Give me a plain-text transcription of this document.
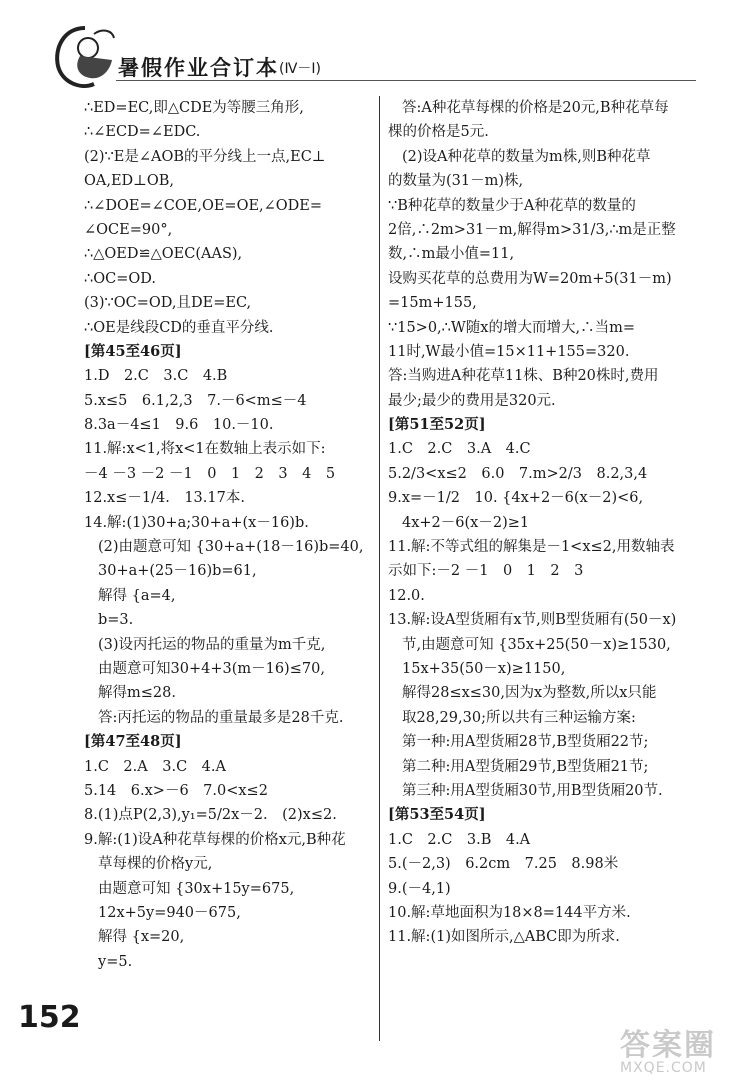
暑假作业合订本 (Ⅳ－Ⅰ)
∴ED=EC,即△CDE为等腰三角形,
∴∠ECD=∠EDC.
(2)∵E是∠AOB的平分线上一点,EC⊥
OA,ED⊥OB,
∴∠DOE=∠COE,OE=OE,∠ODE=
∠OCE=90°,
∴△OED≌△OEC(AAS),
∴OC=OD.
(3)∵OC=OD,且DE=EC,
∴OE是线段CD的垂直平分线.
[ 第45至46页 ]
1.D　2.C　3.C　4.B
5.x≤5　6.1,2,3　7.－6<m≤－4
8.3a－4≤1　9.6　10.－10.
11.解:x<1,将x<1在数轴上表示如下:
－4 －3 －2 －1　0　1　2　3　4　5
12.x≤－1/4.　13.17本.
14.解:(1)30+a;30+a+(x－16)b.
(2)由题意可知 {30+a+(18－16)b=40,
30+a+(25－16)b=61,
解得 {a=4,
b=3.
(3)设丙托运的物品的重量为m千克,
由题意可知30+4+3(m－16)≤70,
解得m≤28.
答:丙托运的物品的重量最多是28千克.
[ 第47至48页 ]
1.C　2.A　3.C　4.A
5.14　6.x>－6　7.0<x≤2
8.(1)点P(2,3),y₁=5/2x－2.　(2)x≤2.
9.解:(1)设A种花草每棵的价格x元,B种花
草每棵的价格y元,
由题意可知 {30x+15y=675,
12x+5y=940－675,
解得 {x=20,
y=5.
答:A种花草每棵的价格是20元,B种花草每
棵的价格是5元.
(2)设A种花草的数量为m株,则B种花草
的数量为(31－m)株,
∵B种花草的数量少于A种花草的数量的
2倍,∴2m>31－m,解得m>31/3,∴m是正整
数,∴m最小值=11,
设购买花草的总费用为W=20m+5(31－m)
=15m+155,
∵15>0,∴W随x的增大而增大,∴当m=
11时,W最小值=15×11+155=320.
答:当购进A种花草11株、B种20株时,费用
最少;最少的费用是320元.
[ 第51至52页 ]
1.C　2.C　3.A　4.C
5.2/3<x≤2　6.0　7.m>2/3　8.2,3,4
9.x=－1/2　10. {4x+2－6(x－2)<6,
4x+2－6(x－2)≥1
11.解:不等式组的解集是－1<x≤2,用数轴表
示如下:－2 －1　0　1　2　3
12.0.
13.解:设A型货厢有x节,则B型货厢有(50－x)
节,由题意可知 {35x+25(50－x)≥1530,
15x+35(50－x)≥1150,
解得28≤x≤30,因为x为整数,所以x只能
取28,29,30;所以共有三种运输方案:
第一种:用A型货厢28节,B型货厢22节;
第二种:用A型货厢29节,B型货厢21节;
第三种:用A型货厢30节,用B型货厢20节.
[ 第53至54页 ]
1.C　2.C　3.B　4.A
5.(－2,3)　6.2cm　7.25　8.98米
9.(－4,1)
10.解:草地面积为18×8=144平方米.
11.解:(1)如图所示,△ABC即为所求.
152
答案圈
MXQE.COM
